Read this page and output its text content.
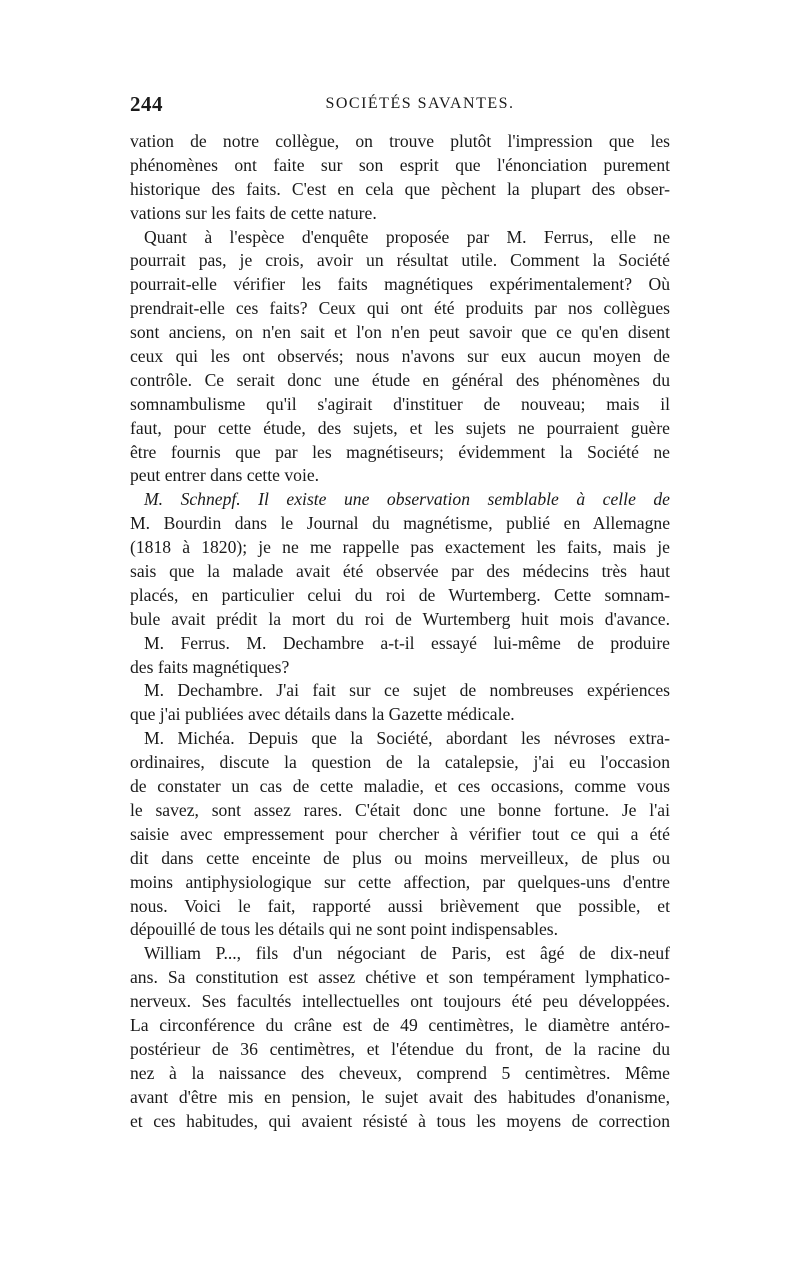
244	SOCIÉTÉS SAVANTES.
vation de notre collègue, on trouve plutôt l'impression que les
phénomènes ont faite sur son esprit que l'énonciation purement
historique des faits. C'est en cela que pèchent la plupart des obser-
vations sur les faits de cette nature.
Quant à l'espèce d'enquête proposée par M. Ferrus, elle ne
pourrait pas, je crois, avoir un résultat utile. Comment la Société
pourrait-elle vérifier les faits magnétiques expérimentalement? Où
prendrait-elle ces faits? Ceux qui ont été produits par nos collègues
sont anciens, on n'en sait et l'on n'en peut savoir que ce qu'en disent
ceux qui les ont observés; nous n'avons sur eux aucun moyen de
contrôle. Ce serait donc une étude en général des phénomènes du
somnambulisme qu'il s'agirait d'instituer de nouveau; mais il
faut, pour cette étude, des sujets, et les sujets ne pourraient guère
être fournis que par les magnétiseurs; évidemment la Société ne
peut entrer dans cette voie.
M. Schnepf. Il existe une observation semblable à celle de
M. Bourdin dans le Journal du magnétisme, publié en Allemagne
(1818 à 1820); je ne me rappelle pas exactement les faits, mais je
sais que la malade avait été observée par des médecins très haut
placés, en particulier celui du roi de Wurtemberg. Cette somnam-
bule avait prédit la mort du roi de Wurtemberg huit mois d'avance.
M. Ferrus. M. Dechambre a-t-il essayé lui-même de produire
des faits magnétiques?
M. Dechambre. J'ai fait sur ce sujet de nombreuses expériences
que j'ai publiées avec détails dans la Gazette médicale.
M. Michéa. Depuis que la Société, abordant les névroses extra-
ordinaires, discute la question de la catalepsie, j'ai eu l'occasion
de constater un cas de cette maladie, et ces occasions, comme vous
le savez, sont assez rares. C'était donc une bonne fortune. Je l'ai
saisie avec empressement pour chercher à vérifier tout ce qui a été
dit dans cette enceinte de plus ou moins merveilleux, de plus ou
moins antiphysiologique sur cette affection, par quelques-uns d'entre
nous. Voici le fait, rapporté aussi brièvement que possible, et
dépouillé de tous les détails qui ne sont point indispensables.
William P..., fils d'un négociant de Paris, est âgé de dix-neuf
ans. Sa constitution est assez chétive et son tempérament lymphatico-
nerveux. Ses facultés intellectuelles ont toujours été peu développées.
La circonférence du crâne est de 49 centimètres, le diamètre antéro-
postérieur de 36 centimètres, et l'étendue du front, de la racine du
nez à la naissance des cheveux, comprend 5 centimètres. Même
avant d'être mis en pension, le sujet avait des habitudes d'onanisme,
et ces habitudes, qui avaient résisté à tous les moyens de correction
